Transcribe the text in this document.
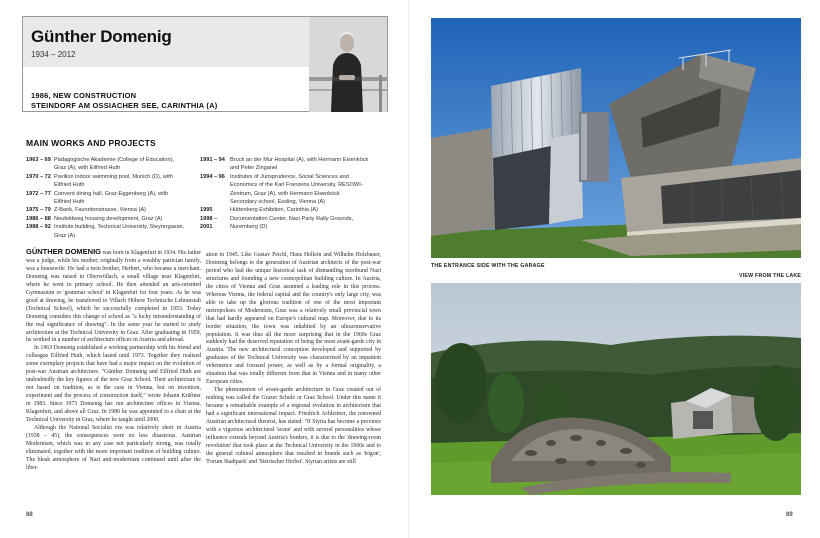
Günther Domenig
1934 – 2012
1986, NEW CONSTRUCTION
STEINDORF AM OSSIACHER SEE, CARINTHIA (A)
MAIN WORKS AND PROJECTS
1963 – 69 Pädagogische Akademie (College of Education), Graz (A), with Eilfried Huth
1970 – 72 Pavilion indoor swimming pool, Munich (D), with Eilfried Huth
1972 – 77 Convent dining hall, Graz-Eggenberg (A), with Eilfried Huth
1975 – 79 Z-Bank, Favoritenstrasse, Vienna (A)
1986 – 88 Neufeldweg housing development, Graz (A)
1988 – 92 Institute building, Technical University, Steyrergasse, Graz (A)
1991 – 94 Bruck an der Mur Hospital (A), with Hermann Eisenköck and Peter Zinganel
1994 – 96 Institutes of Jurisprudence, Social Sciences and Economics of the Karl Franzens University, RESOWI-Zentrum, Graz (A), with Hermann Eisenköck
Secondary school, Essling, Vienna (A)
1995	Hüttenberg Exhibition, Carinthia (A)
1998 – 2001
Documentation Center, Nazi Party Rally Grounds, Nuremberg (D)

GÜNTHER DOMENIG was born in Klagenfurt in 1934. His father was a judge, while his mother, originally from a wealthy patrician family, was a housewife. He had a twin brother, Herbert, who became a merchant. Domenig was raised in Oberwöllach, a small village near Klagenfurt, where he went to primary school. He then attended an arts-oriented Gymnasium or 'grammar school' in Klagenfurt for four years. As he was good at drawing, he transferred to Villach Höhere Technische Lehranstalt (Technical School), which he successfully completed in 1953. Today Domenig considers this change of school as "a lucky misunderstanding of the real significance of drawing". In the same year he started to study architecture at the Technical University in Graz. After graduating in 1959, he worked in a number of architecture offices in Austria and abroad.

In 1963 Domenig established a working partnership with his friend and colleague Eilfried Huth, which lasted until 1973. Together they realised some exemplary projects that have had a major impact on the evolution of post-war Austrian architecture. "Günther Domenig and Eilfried Huth are undoubtedly the key figures of the new Graz School. Their architecture is not based on tradition, as is the case in Vienna, but on invention, experiment and the process of construction itself," wrote Johann Kräftner in 1983. Since 1973 Domenig has run architecture offices in Vienna, Klagenfurt, and above all Graz. In 1980 he was appointed to a chair at the Technical University in Graz, where he taught until 2000.

Although the National Socialist era was relatively short in Austria (1938 – 45), the consequences were no less disastrous. Austrian Modernism, which was in any case not particularly strong, was totally eliminated, together with the more important tradition of building culture. The bleak atmosphere of Nazi anti-modernism continued until after the liber-

ation in 1945. Like Gustav Peichl, Hans Hollein and Wilhelm Holzbauer, Domenig belongs to the generation of Austrian architects of the post-war period who had the unique historical task of dismantling moribund Nazi structures and founding a new cosmopolitan building culture. In Austria, the cities of Vienna and Graz assumed a leading role in this process. Whereas Vienna, the federal capital and the country's only large city, was able to take up the glorious tradition of one of the most important metropolises of Modernism, Graz was a relatively small provincial town that had hardly appeared on Europe's cultural map. Moreover, due to its border situation, the town was inhabited by an ultraconservative population. It was thus all the more surprising that in the 1960s Graz suddenly had the deserved reputation of being the most avant-garde city in Austria. The new architectural conception developed and supported by graduates of the Technical University was characterised by an impatient vehemence and focused power, as well as by a formal originality, a situation that was totally different from that in Vienna and in many other European cities.

The phenomenon of avant-garde architecture in Graz created out of nothing was called the Grazer Schule or Graz School. Under this name it became a remarkable example of a regional evolution in architecture that had a significant international impact. Friedrich Achleitner, the renowned Austrian architectural theorist, has stated: "If Styria has become a province with a vigorous architectural 'scene' and with several personalities whose influence extends beyond Austria's borders, it is due to the 'drawing-room revolution' that took place at the Technical University in the 1960s and to the general cultural atmosphere that resulted in brands such as 'trigon', 'Forum Stadtpark' and 'Steirischer Herbst'. Styrian artists are still

88
THE ENTRANCE SIDE WITH THE GARAGE
VIEW FROM THE LAKE
89
